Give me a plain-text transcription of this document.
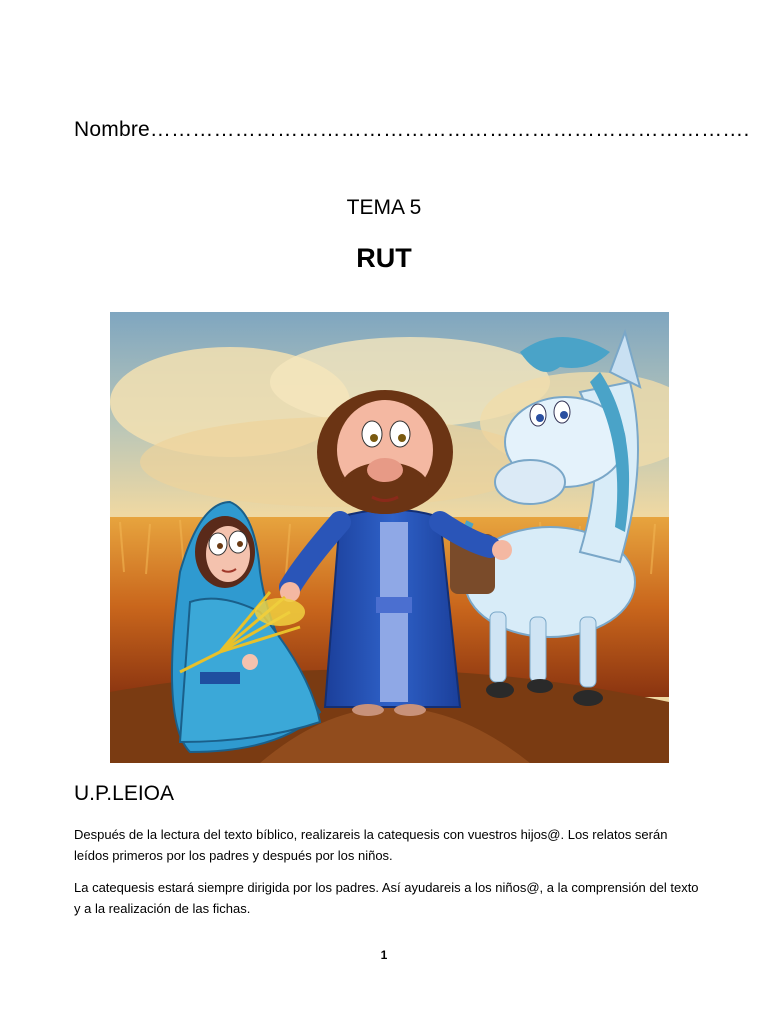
Nombre………………………………………………………………………….
TEMA 5
RUT
U.P.LEIOA

Después de la lectura del texto bíblico, realizareis la catequesis con vuestros hijos@. Los relatos serán leídos primeros por los padres y después por los niños.

La catequesis estará siempre dirigida por los padres. Así ayudareis a los niños@, a la comprensión del texto y a la realización de las fichas.

1
